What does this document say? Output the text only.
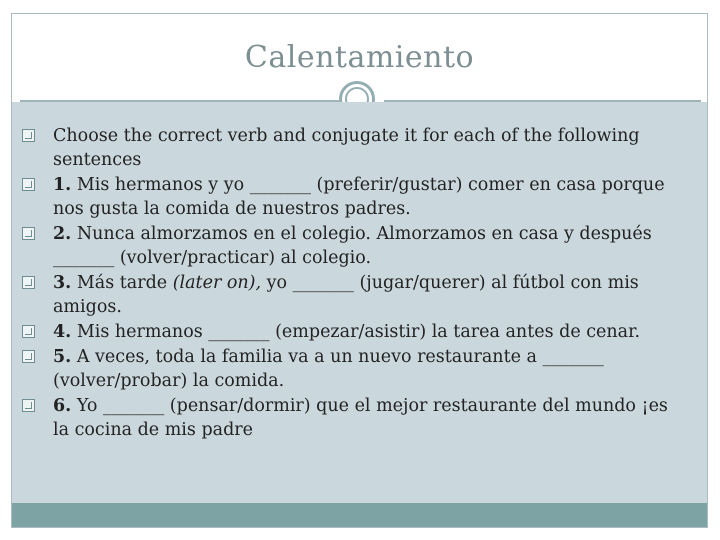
Calentamiento
Choose the correct verb and conjugate it for each of the following sentences
1. Mis hermanos y yo _______ (preferir/gustar) comer en casa porque nos gusta la comida de nuestros padres.
2. Nunca almorzamos en el colegio. Almorzamos en casa y después _______ (volver/practicar) al colegio.
3. Más tarde (later on), yo _______ (jugar/querer) al fútbol con mis amigos.
4. Mis hermanos _______ (empezar/asistir) la tarea antes de cenar.
5. A veces, toda la familia va a un nuevo restaurante a _______ (volver/probar) la comida.
6. Yo _______ (pensar/dormir) que el mejor restaurante del mundo ¡es la cocina de mis padre
